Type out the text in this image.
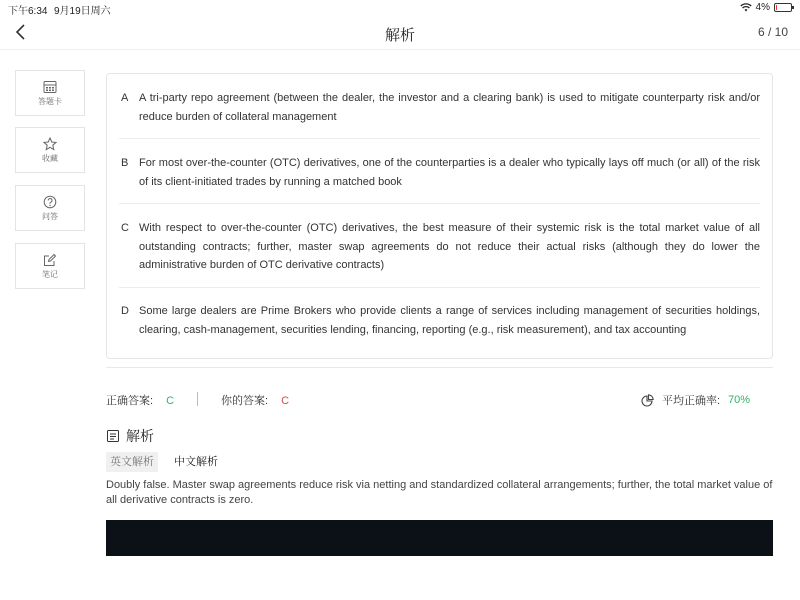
下午6:34 9月19日周六	4%
解析	6 / 10
答题卡
收藏
问答
笔记
A A tri-party repo agreement (between the dealer, the investor and a clearing bank) is used to mitigate counterparty risk and/or reduce burden of collateral management
B For most over-the-counter (OTC) derivatives, one of the counterparties is a dealer who typically lays off much (or all) of the risk of its client-initiated trades by running a matched book
C With respect to over-the-counter (OTC) derivatives, the best measure of their systemic risk is the total market value of all outstanding contracts; further, master swap agreements do not reduce their actual risks (although they do lower the administrative burden of OTC derivative contracts)
D Some large dealers are Prime Brokers who provide clients a range of services including management of securities holdings, clearing, cash-management, securities lending, financing, reporting (e.g., risk measurement), and tax accounting
正确答案: C	你的答案: C	平均正确率: 70%
解析
英文解析	中文解析
Doubly false. Master swap agreements reduce risk via netting and standardized collateral arrangements; further, the total market value of all derivative contracts is zero.
